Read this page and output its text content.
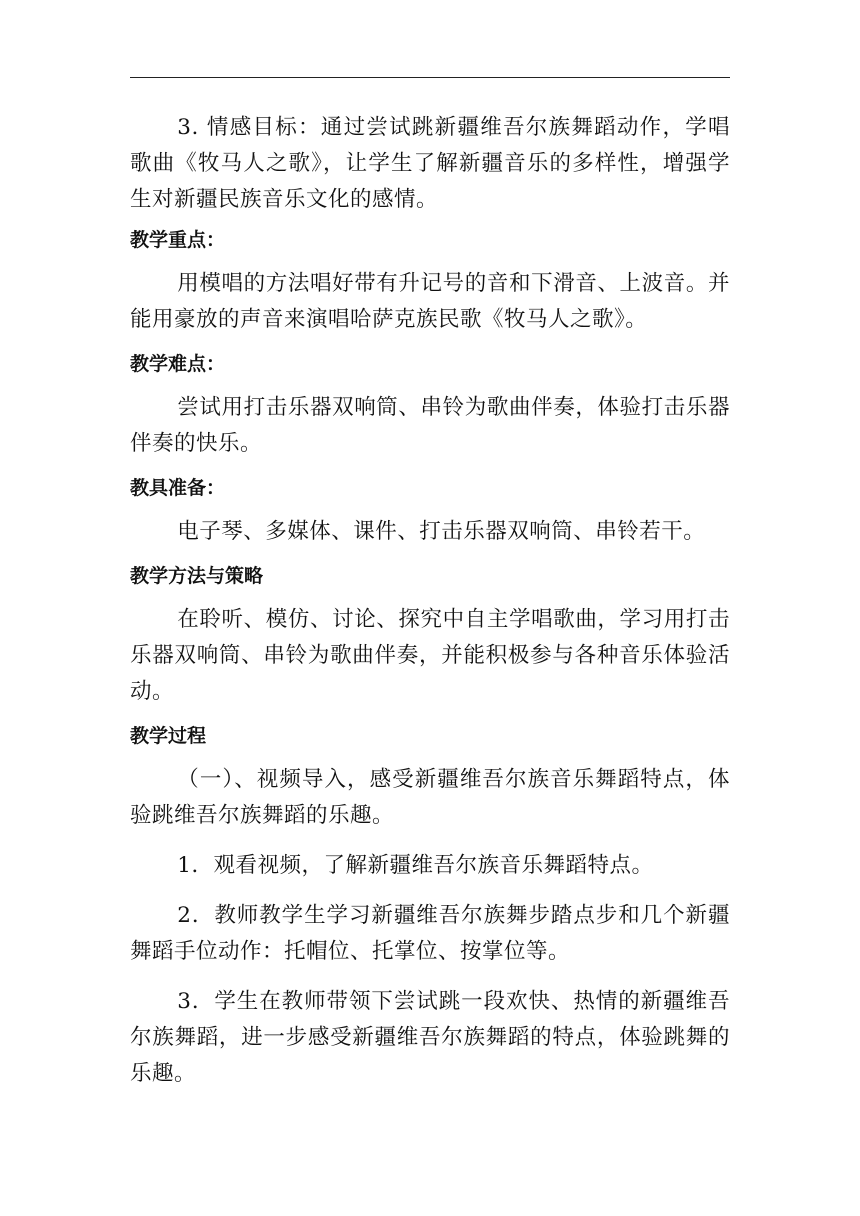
3. 情感目标：通过尝试跳新疆维吾尔族舞蹈动作，学唱歌曲《牧马人之歌》，让学生了解新疆音乐的多样性，增强学生对新疆民族音乐文化的感情。

教学重点：

用模唱的方法唱好带有升记号的音和下滑音、上波音。并能用豪放的声音来演唱哈萨克族民歌《牧马人之歌》。

教学难点：

尝试用打击乐器双响筒、串铃为歌曲伴奏，体验打击乐器伴奏的快乐。

教具准备：

电子琴、多媒体、课件、打击乐器双响筒、串铃若干。

教学方法与策略

在聆听、模仿、讨论、探究中自主学唱歌曲，学习用打击乐器双响筒、串铃为歌曲伴奏，并能积极参与各种音乐体验活动。

教学过程

（一）、视频导入，感受新疆维吾尔族音乐舞蹈特点，体验跳维吾尔族舞蹈的乐趣。

1．观看视频，了解新疆维吾尔族音乐舞蹈特点。

2．教师教学生学习新疆维吾尔族舞步踏点步和几个新疆舞蹈手位动作：托帽位、托掌位、按掌位等。

3．学生在教师带领下尝试跳一段欢快、热情的新疆维吾尔族舞蹈，进一步感受新疆维吾尔族舞蹈的特点，体验跳舞的乐趣。
